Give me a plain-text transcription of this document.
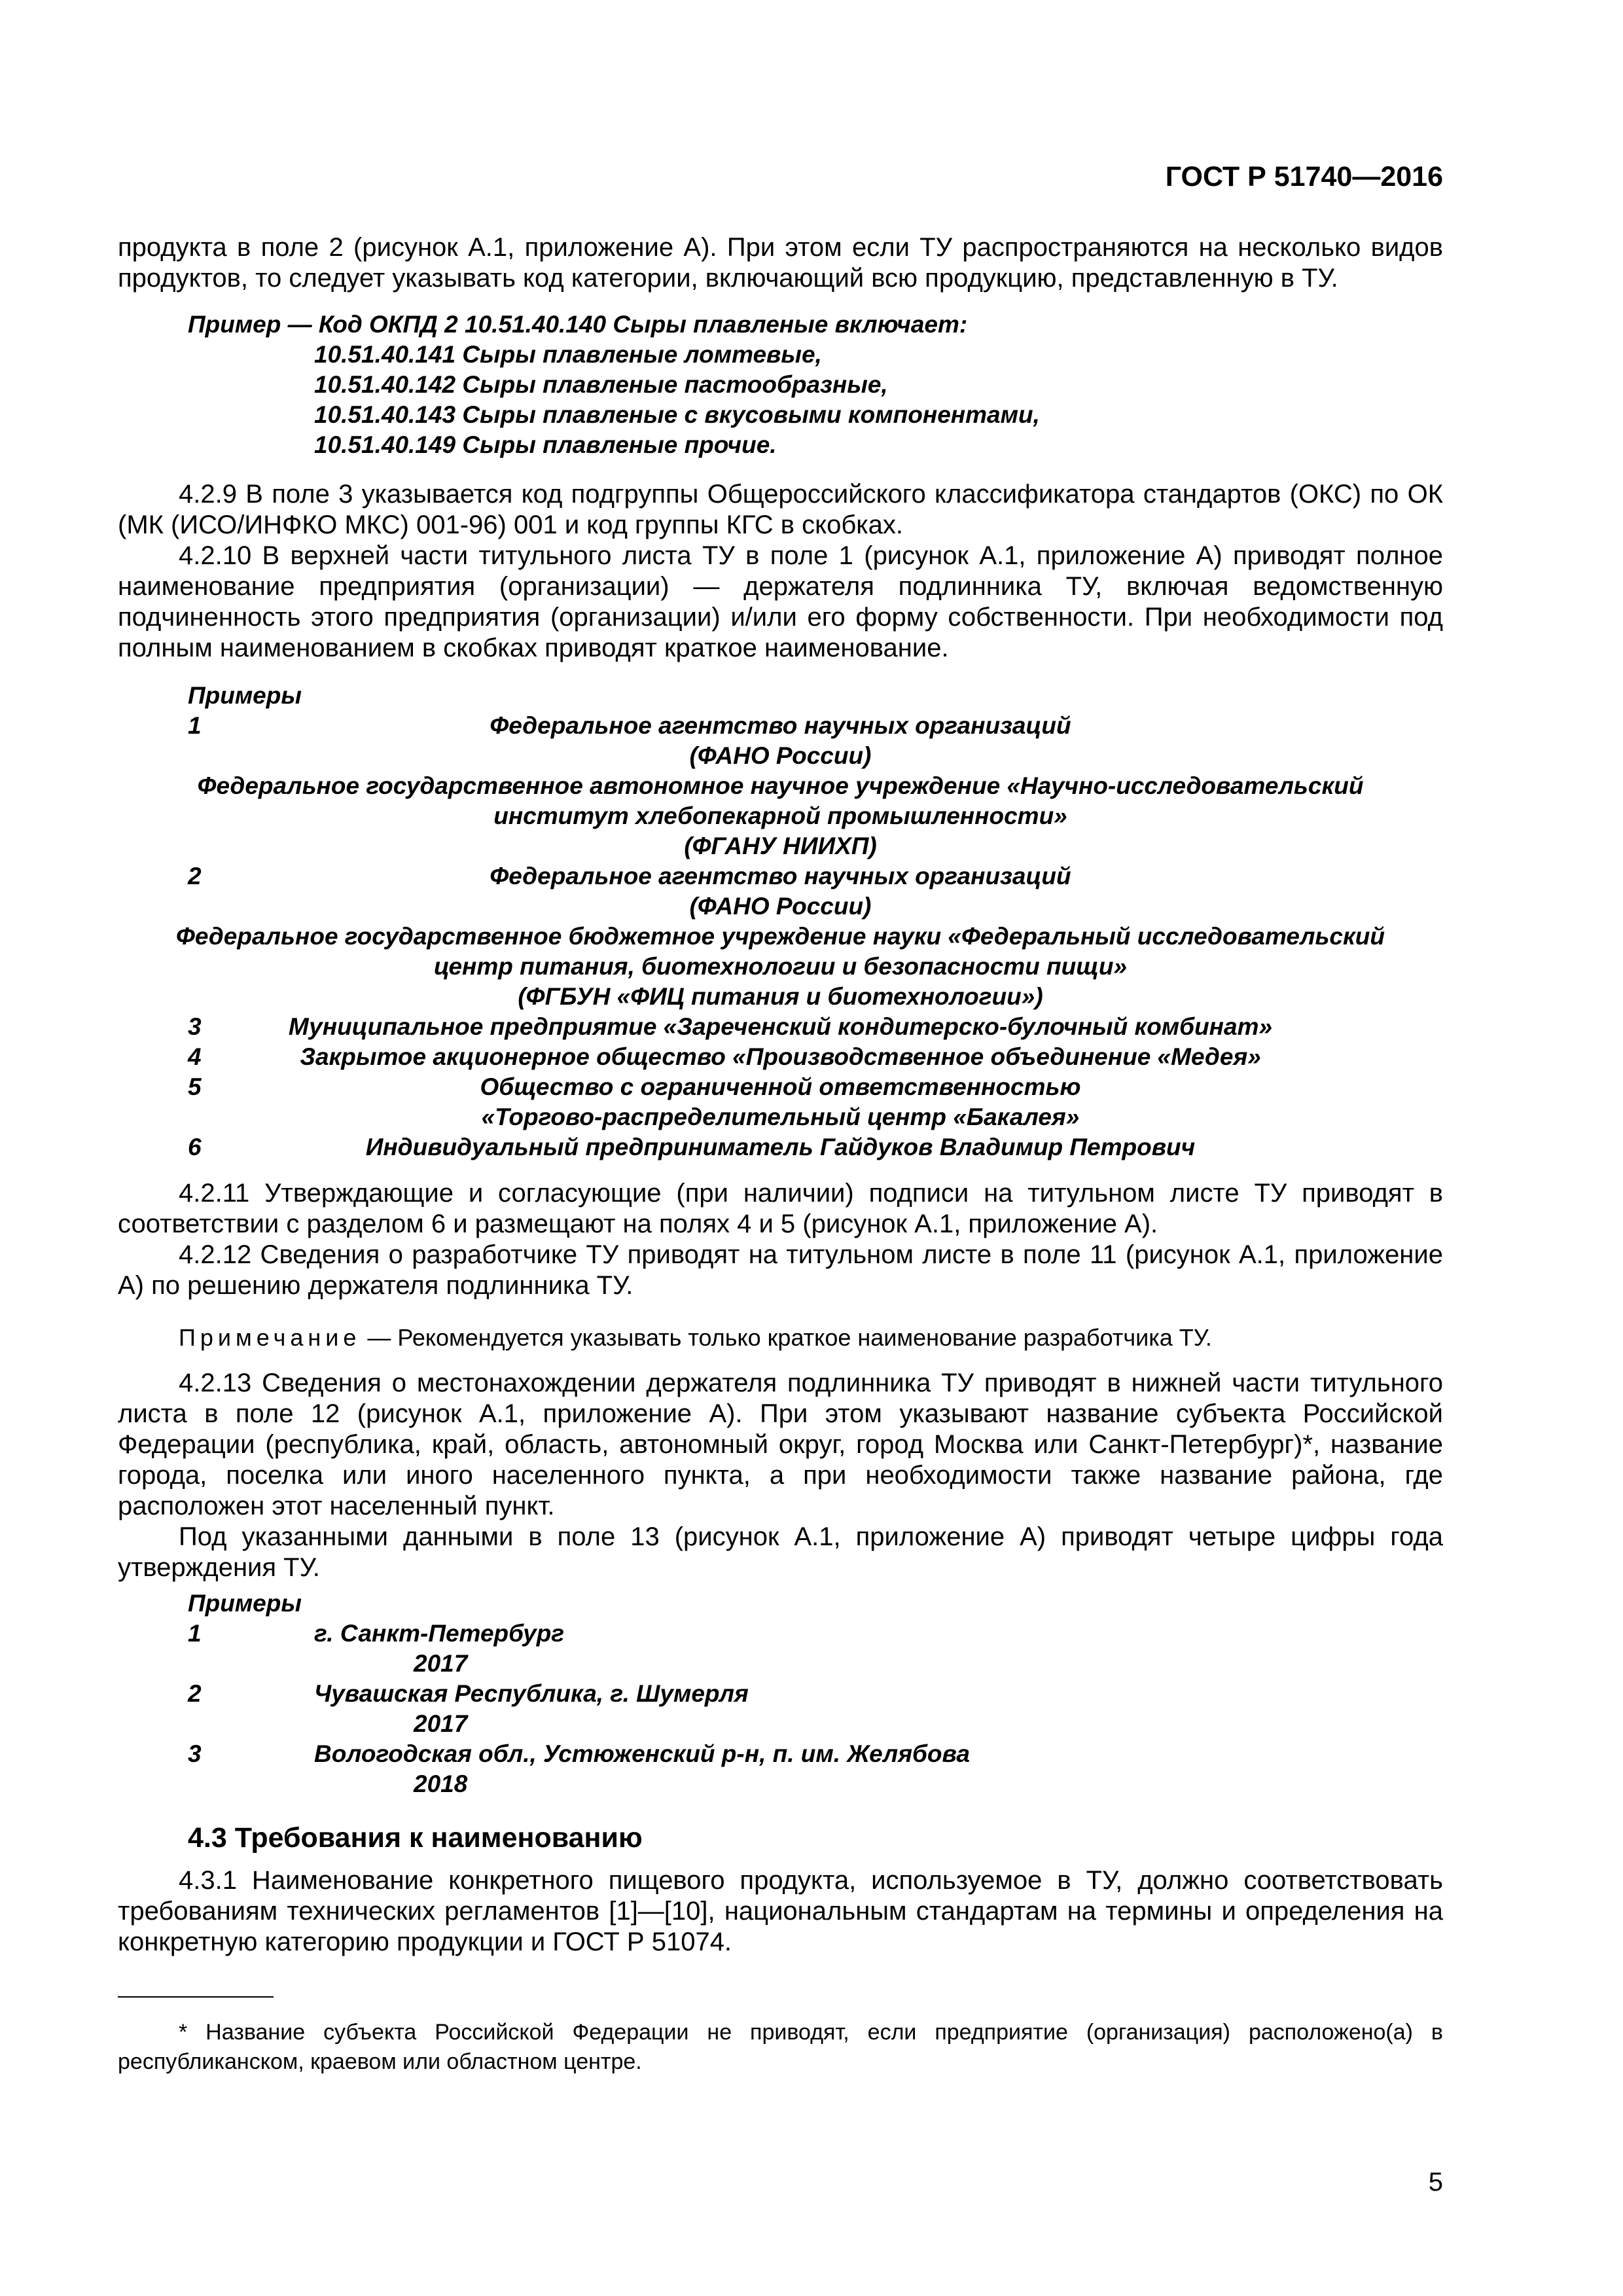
ГОСТ Р 51740—2016

продукта в поле 2 (рисунок А.1, приложение А). При этом если ТУ распространяются на несколько видов продуктов, то следует указывать код категории, включающий всю продукцию, представленную в ТУ.

Пример — Код ОКПД 2 10.51.40.140 Сыры плавленые включает:
10.51.40.141 Сыры плавленые ломтевые,
10.51.40.142 Сыры плавленые пастообразные,
10.51.40.143 Сыры плавленые с вкусовыми компонентами,
10.51.40.149 Сыры плавленые прочие.

4.2.9 В поле 3 указывается код подгруппы Общероссийского классификатора стандартов (ОКС) по ОК (МК (ИСО/ИНФКО МКС) 001-96) 001 и код группы КГС в скобках.

4.2.10 В верхней части титульного листа ТУ в поле 1 (рисунок А.1, приложение А) приводят полное наименование предприятия (организации) — держателя подлинника ТУ, включая ведомственную подчиненность этого предприятия (организации) и/или его форму собственности. При необходимости под полным наименованием в скобках приводят краткое наименование.

Примеры
1	Федеральное агентство научных организаций
(ФАНО России)
Федеральное государственное автономное научное учреждение «Научно-исследовательский
институт хлебопекарной промышленности»
(ФГАНУ НИИХП)
2	Федеральное агентство научных организаций
(ФАНО России)
Федеральное государственное бюджетное учреждение науки «Федеральный исследовательский
центр питания, биотехнологии и безопасности пищи»
(ФГБУН «ФИЦ питания и биотехнологии»)
3	Муниципальное предприятие «Зареченский кондитерско-булочный комбинат»
4	Закрытое акционерное общество «Производственное объединение «Медея»
5	Общество с ограниченной ответственностью
«Торгово-распределительный центр «Бакалея»
6	Индивидуальный предприниматель Гайдуков Владимир Петрович

4.2.11 Утверждающие и согласующие (при наличии) подписи на титульном листе ТУ приводят в соответствии с разделом 6 и размещают на полях 4 и 5 (рисунок А.1, приложение А).

4.2.12 Сведения о разработчике ТУ приводят на титульном листе в поле 11 (рисунок А.1, приложение А) по решению держателя подлинника ТУ.

Примечание — Рекомендуется указывать только краткое наименование разработчика ТУ.

4.2.13 Сведения о местонахождении держателя подлинника ТУ приводят в нижней части титульного листа в поле 12 (рисунок А.1, приложение А). При этом указывают название субъекта Российской Федерации (республика, край, область, автономный округ, город Москва или Санкт-Петербург)*, название города, поселка или иного населенного пункта, а при необходимости также название района, где расположен этот населенный пункт.

Под указанными данными в поле 13 (рисунок А.1, приложение А) приводят четыре цифры года утверждения ТУ.

Примеры
1	г. Санкт-Петербург
2017
2	Чувашская Республика, г. Шумерля
2017
3	Вологодская обл., Устюженский р-н, п. им. Желябова
2018
4.3 Требования к наименованию

4.3.1 Наименование конкретного пищевого продукта, используемое в ТУ, должно соответствовать требованиям технических регламентов [1]—[10], национальным стандартам на термины и определения на конкретную категорию продукции и ГОСТ Р 51074.

* Название субъекта Российской Федерации не приводят, если предприятие (организация) расположено(а) в республиканском, краевом или областном центре.

5
